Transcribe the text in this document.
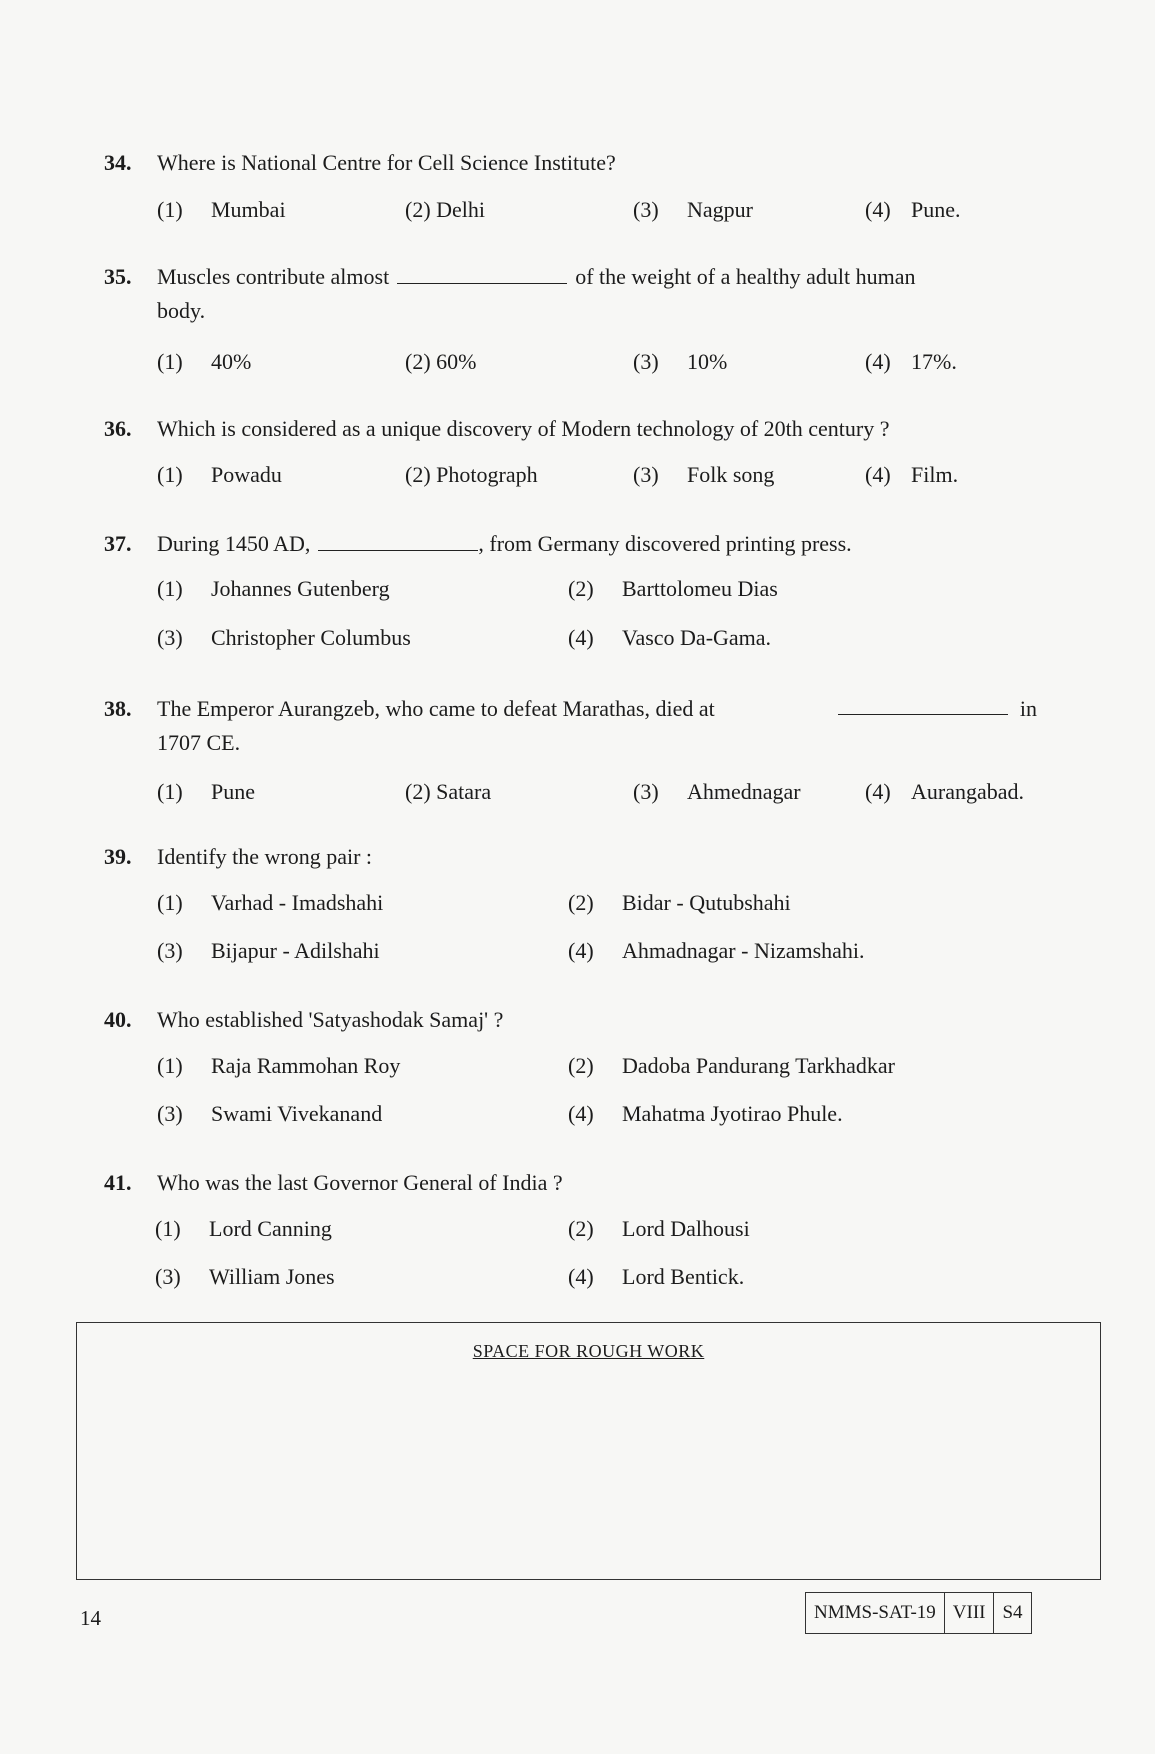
34. Where is National Centre for Cell Science Institute?
(1) Mumbai	(2) Delhi	(3) Nagpur	(4) Pune.
35. Muscles contribute almost	of the weight of a healthy adult human
body.
(1) 40%	(2) 60%	(3) 10%	(4) 17%.
36. Which is considered as a unique discovery of Modern technology of 20th century ?
(1) Powadu	(2) Photograph	(3) Folk song	(4) Film.
37. During 1450 AD,	, from Germany discovered printing press.
(1) Johannes Gutenberg	(2) Barttolomeu Dias
(3) Christopher Columbus	(4) Vasco Da-Gama.
38. The Emperor Aurangzeb, who came to defeat Marathas, died at	in
1707 CE.
(1) Pune	(2) Satara	(3) Ahmednagar	(4) Aurangabad.
39. Identify the wrong pair :
(1) Varhad - Imadshahi	(2) Bidar - Qutubshahi
(3) Bijapur - Adilshahi	(4) Ahmadnagar - Nizamshahi.
40. Who established 'Satyashodak Samaj' ?
(1) Raja Rammohan Roy	(2) Dadoba Pandurang Tarkhadkar
(3) Swami Vivekanand	(4) Mahatma Jyotirao Phule.
41. Who was the last Governor General of India ?
(1) Lord Canning	(2) Lord Dalhousi
(3) William Jones	(4) Lord Bentick.
SPACE FOR ROUGH WORK
14	NMMS-SAT-19 VIII S4
